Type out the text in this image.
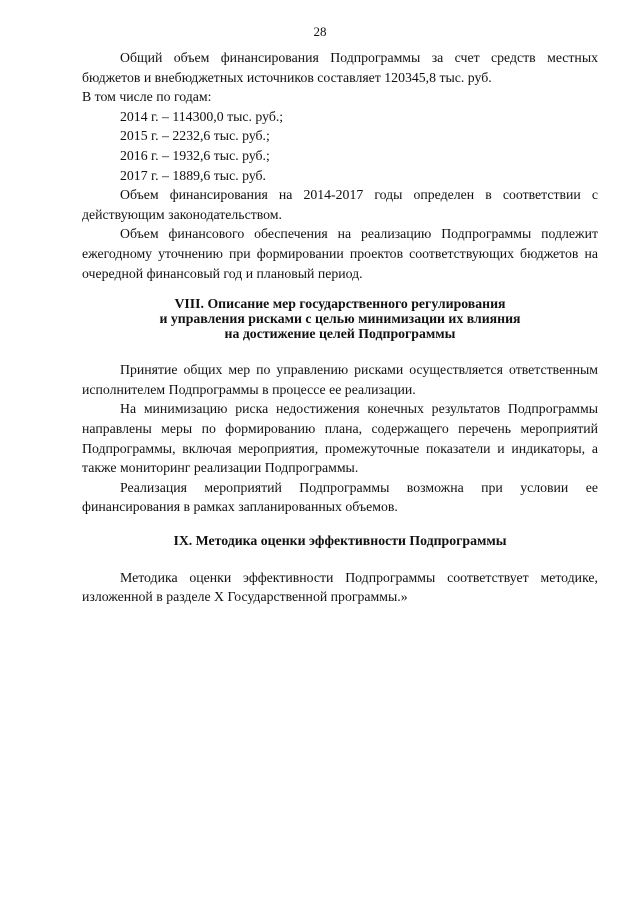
28

Общий объем финансирования Подпрограммы за счет средств местных бюджетов и внебюджетных источников составляет 120345,8 тыс. руб.

В том числе по годам:
2014 г. – 114300,0 тыс. руб.;
2015 г. – 2232,6 тыс. руб.;
2016 г. – 1932,6 тыс. руб.;
2017 г. – 1889,6 тыс. руб.

Объем финансирования на 2014-2017 годы определен в соответствии с действующим законодательством.

Объем финансового обеспечения на реализацию Подпрограммы подлежит ежегодному уточнению при формировании проектов соответствующих бюджетов на очередной финансовый год и плановый период.

VIII. Описание мер государственного регулирования
и управления рисками с целью минимизации их влияния
на достижение целей Подпрограммы

Принятие общих мер по управлению рисками осуществляется ответственным исполнителем Подпрограммы в процессе ее реализации.

На минимизацию риска недостижения конечных результатов Подпрограммы направлены меры по формированию плана, содержащего перечень мероприятий Подпрограммы, включая мероприятия, промежуточные показатели и индикаторы, а также мониторинг реализации Подпрограммы.

Реализация мероприятий Подпрограммы возможна при условии ее финансирования в рамках запланированных объемов.

IX. Методика оценки эффективности Подпрограммы

Методика оценки эффективности Подпрограммы соответствует методике, изложенной в разделе X Государственной программы.»
